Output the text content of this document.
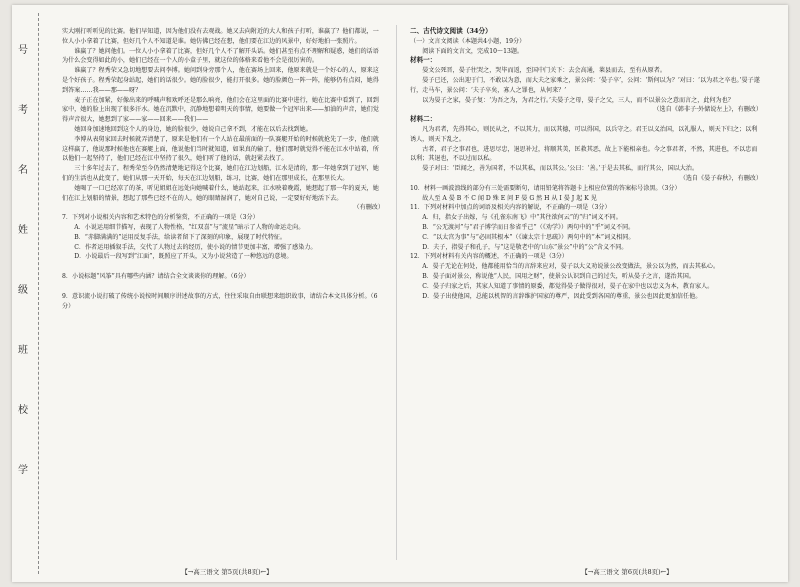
号
考
名
姓
级
班
校
学

实大刚打听听见的比赛。他们早知道，因为他们没有去观战。她又去向附近的大人和孩子打听，谁赢了？他们都说，一位人小小拿着了比赛，但好几个人不知道是谁。她仿佛已经在想，他们要在江边的风景中，好好地拍一张照片。

谁赢了？她问他们。一位人小小拿着了比赛，但好几个人不了解开头话。她们甚至有点不理解和疑惑，她们的话语为什么会变得如此的小，她们已经在一个人的小盒子里，就这位的体格来看他不会是很厉害的。

谁赢了？程秀荣又急切地想要去问李博。她问到身旁那个人，他在赛场上回来，他原来就是一个好心的人，原来这是个好孩子。程秀荣起身站起，她们的话很少。她的脸很少，能打开很多。她的脸颜色一阵一阵，能够仍有点闷，她得到答案……我——那——呀？

麦子正在加紧，好像出来的呼喊声和欢呼还是那么响亮，他们会在这里面的比赛中进行，她在比赛中看到了，回到家中，她的脸上出现了很多汗水。她在沉默中，沉静地想着明天的事情，她要做一个冠军出来——加油的声音，她们觉得声音很大，她想到了家——家——回来——我们——

她回身加速地回到这个人的身边，她的脸很少，她说自己拿不到，才能在以后去找到她。

李博从表舅家回去时候就弄清楚了，原来是他们有一个人站在最前面的一队赛艇开始的时候就抢先了一步，他们就这样赢了，他说那时候他也在赛艇上面，他说他们当时就知道，如果真的输了，他们那时就觉得不能在江水中站着，所以他们一起坚持了，他们已经在江中坚持了很久，她们听了他的话，就赶紧去找了。

三十多年过去了，程秀荣至今仍然清楚地记得这个比赛，她们在江边划船，江水是清的，那一年她拿到了冠军，她们的生活也从此变了，她们从那一天开始，每天在江边划船，练习，比赛，她们在那里成长，在那里长大。

她喝了一口已经凉了的茶，听见姐姐在远处向她喊着什么，她站起来，江水映着晚霞，她想起了那一年的夏天，她们在江上划船的情景，想起了那些已经不在的人，她的眼睛湿润了，她对自己说，一定要好好地活下去。

（有删改）

7．下列对小说相关内容和艺术特色的分析鉴赏，不正确的一项是（3分）

A．小说运用细节描写，表现了人物性格，“红双喜”与“流星”暗示了人物的命运走向。

B．“赤脚满满的”运用反复手法，给读者留下了深刻的印象，展现了时代特征。

C．作者运用插叙手法，交代了人物过去的经历，使小说的情节更加丰富，增强了感染力。

D．小说最后一段写到“江面”，既照应了开头，又为小说营造了一种悠远的意境。

8．小说标题“风筝”具有哪些内涵？请结合全文谈谈你的理解。（6分）

9．意识流小说打破了传统小说按时间顺序讲述故事的方式，往往采取自由联想来组织故事，请结合本文具体分析。（6分）

二、古代诗文阅读（34分）

（一）文言文阅读（本题共4小题，19分）

阅读下面的文言文，完成10～13题。

材料一：

晏文公死晋，晏子往哭之，哭毕而返，至国中门关下：去会高通，莱县而去，至有从原者。

晏子已还，公出迎于门，不敢以为意，而大夫之家乘之，景公问：‘晏子卒’，公问：‘斯何以为？’对曰：‘以为君之卒也。’晏子遂行，走马车，景公问：‘夫子卒矣，寡人之罪也，从何来？’

以为晏子之家，晏子复：‘为吾之为，为君之行。’夫晏子之母，晏子之父，三人，而不以景公之意而言之，此何为也？

（选自《韩非子·外储说左上》，有删改）

材料二：

凡为君者，先得其心，则民从之，不以其力，而以其德，可以得国，以兵守之。君王以义治国，以礼服人，则天下归之；以利诱人，则天下乱之。

古者，君子之事君也，进思尽忠，退思补过，将顺其美，匡救其恶，故上下能相亲也。今之事君者，不然，其进也，不以忠而以利；其退也，不以过而以私。

晏子对曰：‘臣闻之，善为国者，不以其私，而以其公。’公曰：‘善。’于是去其私，而行其公，国以大治。

（选自《晏子春秋》，有删改）

10．材料一画波浪线的部分有三处需要断句，请用铅笔将答题卡上相应位置的答案标号涂黑。（3分）

故人至 A 晏 B 不 C 闻 D 殊 E 问 F 晏 G 然 H 从 I 晏 J 起 K 见

11．下列对材料中加点的词语及相关内容的解说，不正确的一项是（3分）

A．归，指女子出嫁，与《孔雀东南飞》中“其往欲何云”的“归”词义不同。

B．“公无渡河”与“君子博学而日参省乎己”（《劝学》）两句中的“乎”词义不同。

C．“以太宫为事”与“必固其根本”（《谏太宗十思疏》）两句中的“本”词义相同。

D．夫子，指晏子和孔子，与“这是敬老中的‘山东”景公”中的“公”含义不同。

12．下列对材料有关内容的概述，不正确的一项是（3分）

A．晏子无论在何处，他都能用恰当的言辞来应对，晏子以大义劝说景公改变做法，景公以为然，而去其私心。

B．晏子面对景公，称说他“人民，国用之财”，使景公认识到自己的过失，听从晏子之言，遂治其国。

C．晏子归家之后，其家人知道了事情的原委，都觉得晏子做得很对，晏子在家中也以忠义为本，教育家人。

D．晏子出使他国，总能以机智的言辞维护国家的尊严，因此受到各国的尊重，景公也因此更加信任他。

【→高三语文 第5页(共8页)←】	【→高三语文 第6页(共8页)←】
